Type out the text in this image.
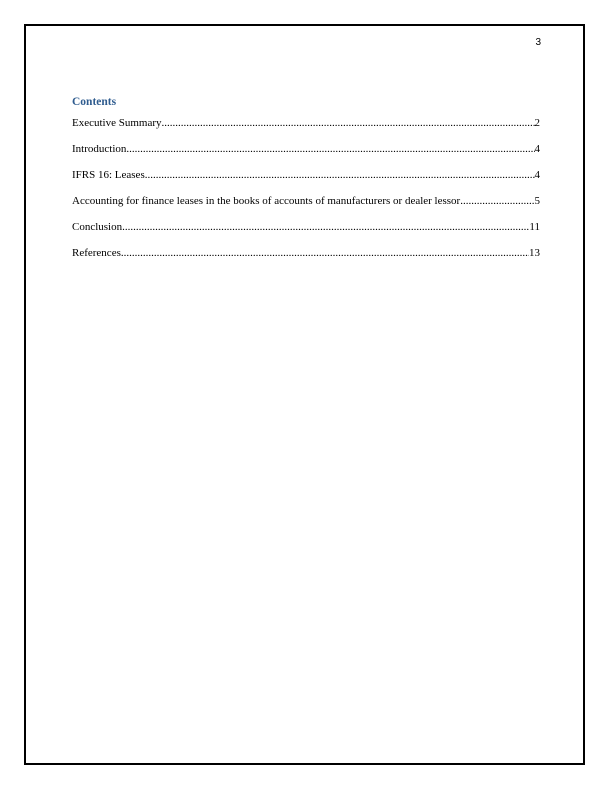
3
Contents
Executive Summary .....	2
Introduction .....	4
IFRS 16: Leases .....	4
Accounting for finance leases in the books of accounts of manufacturers or dealer lessor .....	5
Conclusion .....	11
References .....	13
